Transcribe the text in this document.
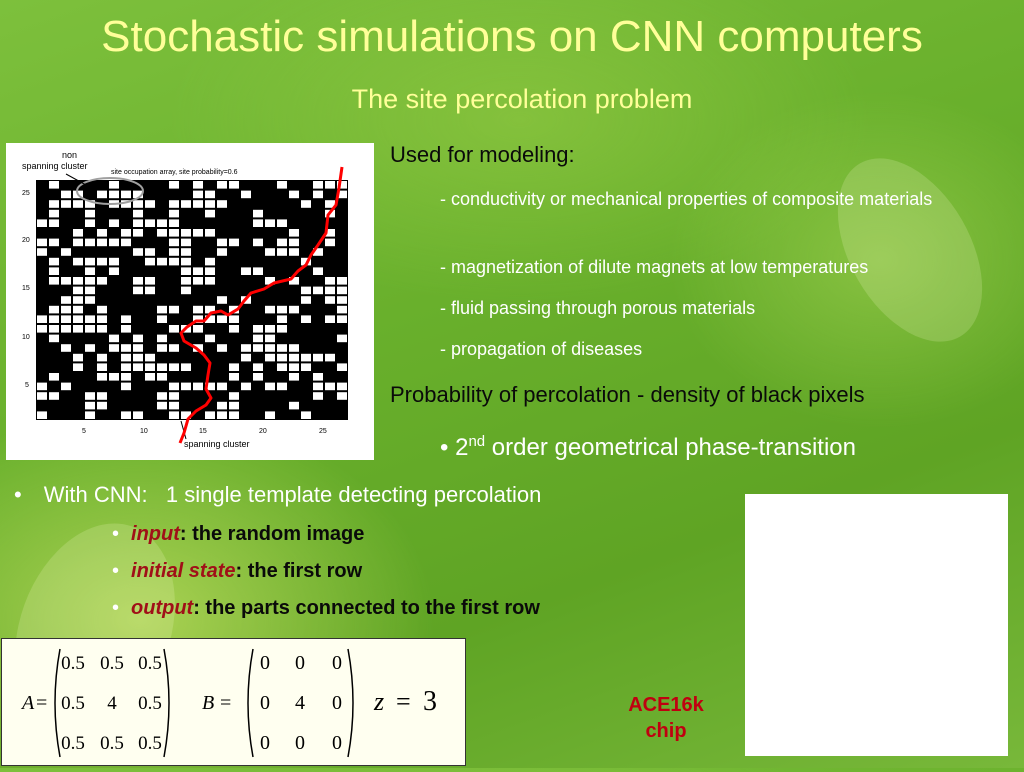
Stochastic simulations on CNN computers
The site percolation problem
non
spanning cluster
site occupation array, site probability=0.6
spanning cluster
25
20
15
10
5
5	10	15	20	25
Used for modeling:
- conductivity or mechanical properties of composite materials
- magnetization of dilute magnets at low temperatures
- fluid passing through porous materials
- propagation of diseases
Probability of percolation - density of black pixels
• 2nd order geometrical phase-transition
• With CNN:   1 single template detecting percolation
• input: the random image
• initial state: the first row
• output: the parts connected to the first row
A =
0.5 0.5 0.5
0.5 4 0.5
0.5 0.5 0.5
B =
0 0 0
0 4 0
0 0 0
z = 3	ACE16k
chip
